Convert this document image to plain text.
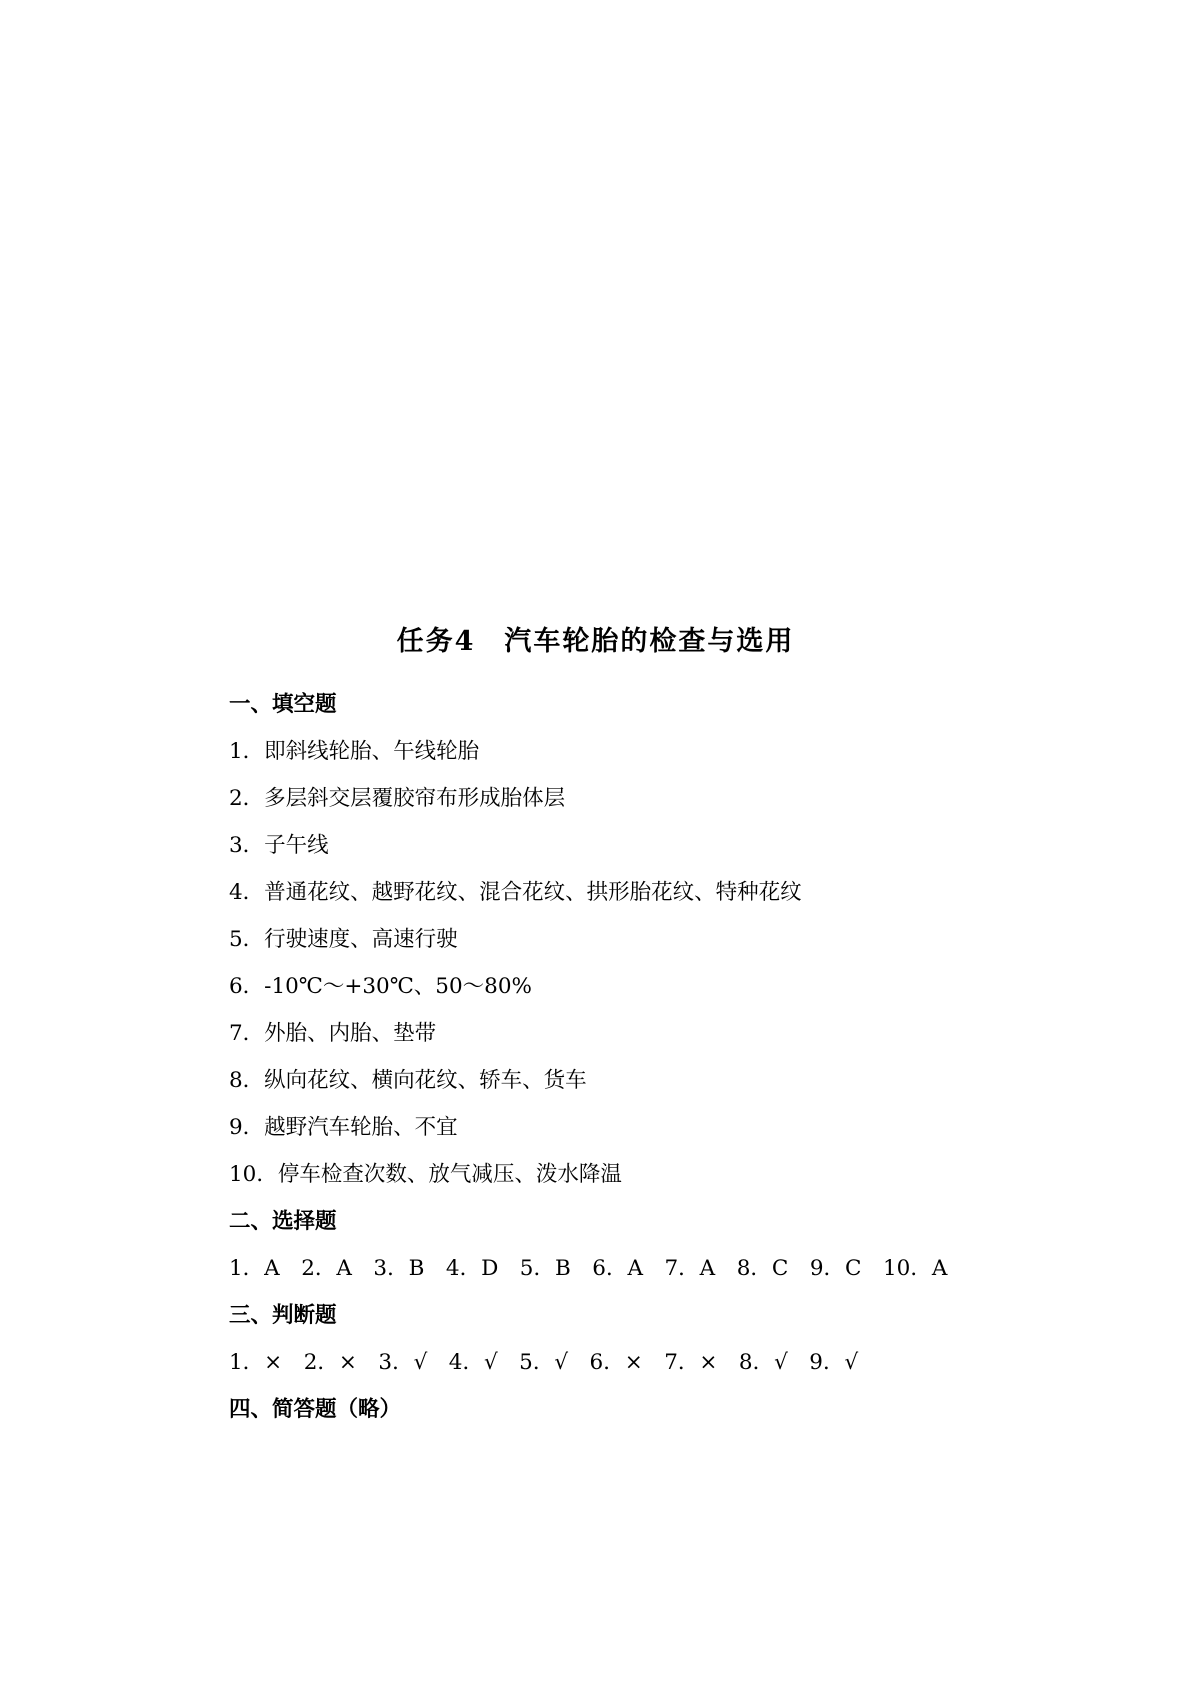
任务4　汽车轮胎的检查与选用
一、填空题
1．即斜线轮胎、午线轮胎
2．多层斜交层覆胶帘布形成胎体层
3．子午线
4．普通花纹、越野花纹、混合花纹、拱形胎花纹、特种花纹
5．行驶速度、高速行驶
6．-10℃～+30℃、50～80%
7．外胎、内胎、垫带
8．纵向花纹、横向花纹、轿车、货车
9．越野汽车轮胎、不宜
10．停车检查次数、放气减压、泼水降温
二、选择题
1．A　2．A　3．B　4．D　5．B　6．A　7．A　8．C　9．C　10．A
三、判断题
1．×　2．×　3．√　4．√　5．√　6．×　7．×　8．√　9．√
四、简答题（略）
